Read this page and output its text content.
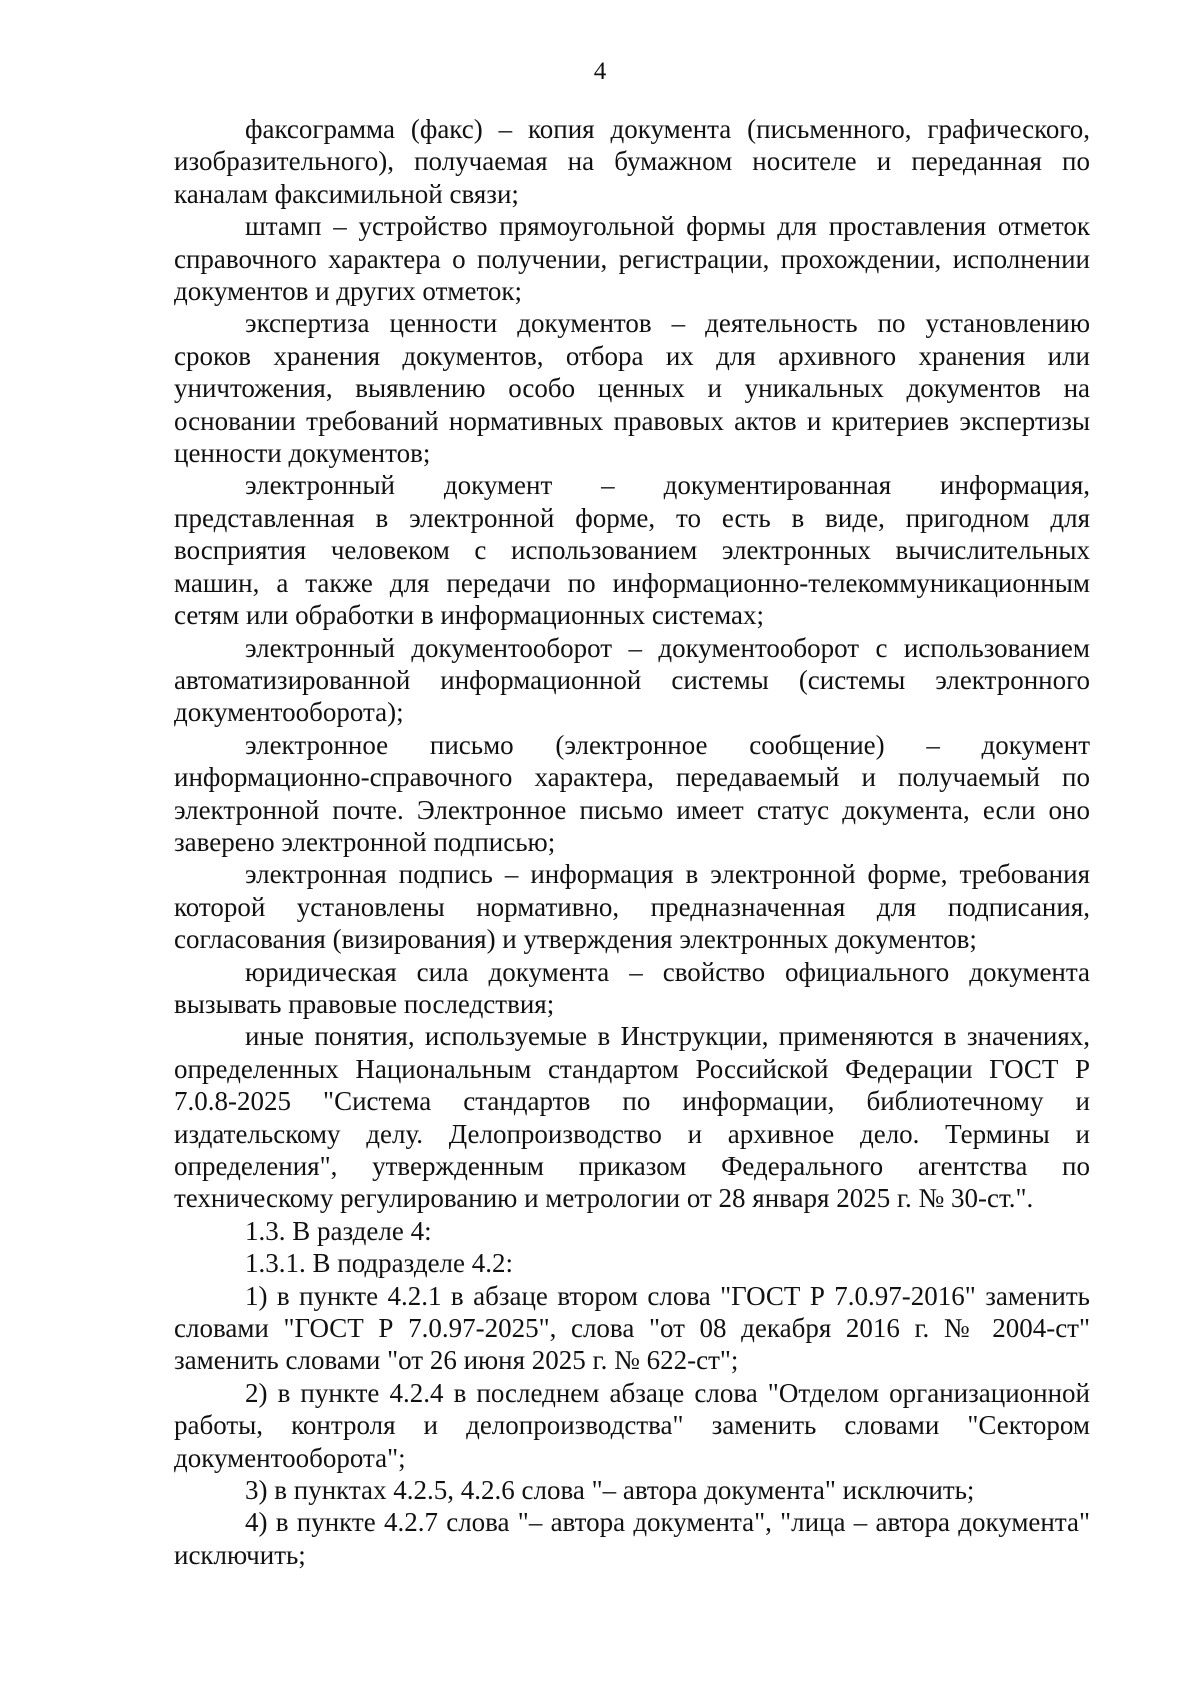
4

факсограмма (факс) – копия документа (письменного, графического, изобразительного), получаемая на бумажном носителе и переданная по каналам факсимильной связи;

штамп – устройство прямоугольной формы для проставления отметок справочного характера о получении, регистрации, прохождении, исполнении документов и других отметок;

экспертиза ценности документов – деятельность по установлению сроков хранения документов, отбора их для архивного хранения или уничтожения, выявлению особо ценных и уникальных документов на основании требований нормативных правовых актов и критериев экспертизы ценности документов;

электронный документ – документированная информация, представленная в электронной форме, то есть в виде, пригодном для восприятия человеком с использованием электронных вычислительных машин, а также для передачи по информационно-телекоммуникационным сетям или обработки в информационных системах;

электронный документооборот – документооборот с использованием автоматизированной информационной системы (системы электронного документооборота);

электронное письмо (электронное сообщение) – документ информационно-справочного характера, передаваемый и получаемый по электронной почте. Электронное письмо имеет статус документа, если оно заверено электронной подписью;

электронная подпись – информация в электронной форме, требования которой установлены нормативно, предназначенная для подписания, согласования (визирования) и утверждения электронных документов;

юридическая сила документа – свойство официального документа вызывать правовые последствия;

иные понятия, используемые в Инструкции, применяются в значениях, определенных Национальным стандартом Российской Федерации ГОСТ Р 7.0.8-2025 "Система стандартов по информации, библиотечному и издательскому делу. Делопроизводство и архивное дело. Термины и определения", утвержденным приказом Федерального агентства по техническому регулированию и метрологии от 28 января 2025 г. № 30-ст.".

1.3. В разделе 4:

1.3.1. В подразделе 4.2:

1) в пункте 4.2.1 в абзаце втором слова "ГОСТ Р 7.0.97-2016" заменить словами "ГОСТ Р 7.0.97-2025", слова "от 08 декабря 2016 г. № 2004-ст" заменить словами "от 26 июня 2025 г. № 622-ст";

2) в пункте 4.2.4 в последнем абзаце слова "Отделом организационной работы, контроля и делопроизводства" заменить словами "Сектором документооборота";

3) в пунктах 4.2.5, 4.2.6 слова "– автора документа" исключить;

4) в пункте 4.2.7 слова "– автора документа", "лица – автора документа" исключить;
